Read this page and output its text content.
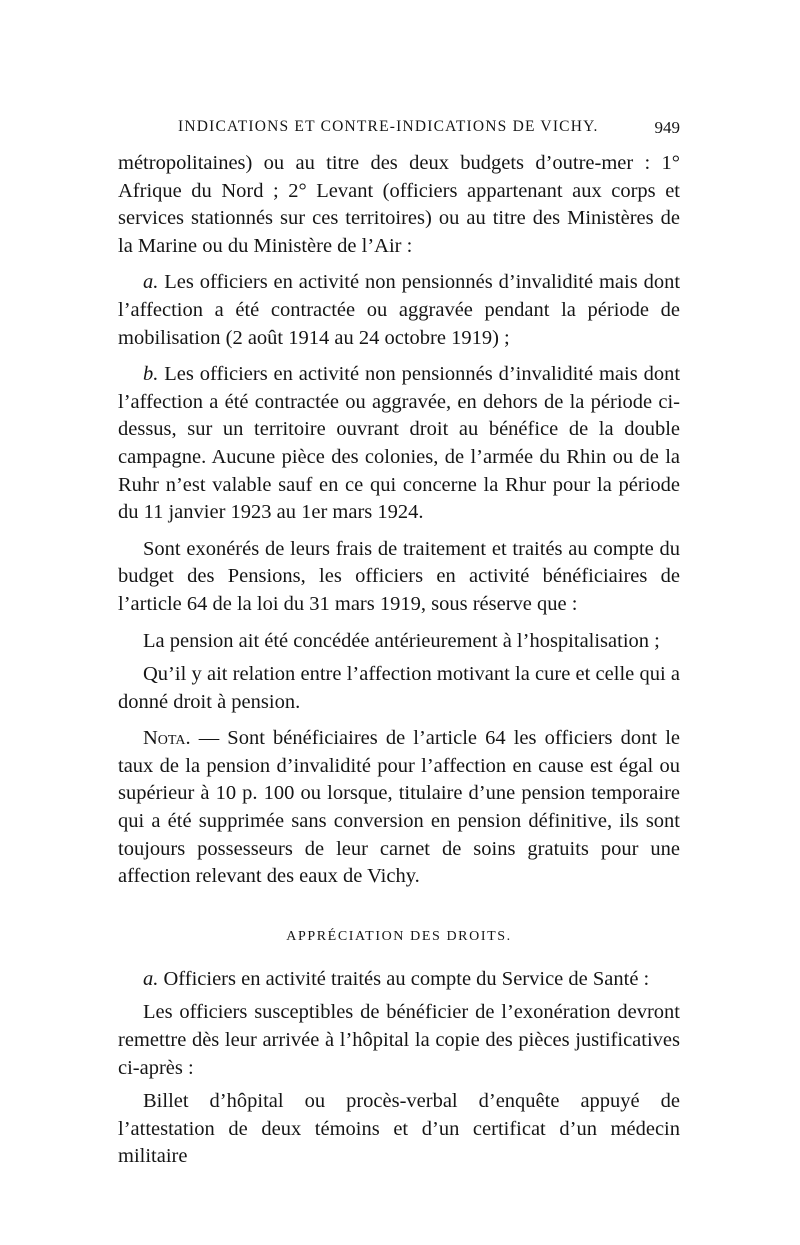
INDICATIONS ET CONTRE-INDICATIONS DE VICHY.	949

métropolitaines) ou au titre des deux budgets d’outre-mer : 1° Afrique du Nord ; 2° Levant (officiers appartenant aux corps et services stationnés sur ces territoires) ou au titre des Ministères de la Marine ou du Ministère de l’Air :

a. Les officiers en activité non pensionnés d’invalidité mais dont l’affection a été contractée ou aggravée pendant la période de mobilisation (2 août 1914 au 24 octobre 1919) ;

b. Les officiers en activité non pensionnés d’invalidité mais dont l’affection a été contractée ou aggravée, en dehors de la période ci-dessus, sur un territoire ouvrant droit au bénéfice de la double campagne. Aucune pièce des colonies, de l’armée du Rhin ou de la Ruhr n’est valable sauf en ce qui concerne la Rhur pour la période du 11 janvier 1923 au 1er mars 1924.

Sont exonérés de leurs frais de traitement et traités au compte du budget des Pensions, les officiers en activité bénéficiaires de l’article 64 de la loi du 31 mars 1919, sous réserve que :

La pension ait été concédée antérieurement à l’hospitalisation ;

Qu’il y ait relation entre l’affection motivant la cure et celle qui a donné droit à pension.

Nota. — Sont bénéficiaires de l’article 64 les officiers dont le taux de la pension d’invalidité pour l’affection en cause est égal ou supérieur à 10 p. 100 ou lorsque, titulaire d’une pension temporaire qui a été supprimée sans conversion en pension définitive, ils sont toujours possesseurs de leur carnet de soins gratuits pour une affection relevant des eaux de Vichy.

APPRÉCIATION DES DROITS.

a. Officiers en activité traités au compte du Service de Santé :

Les officiers susceptibles de bénéficier de l’exonération devront remettre dès leur arrivée à l’hôpital la copie des pièces justificatives ci-après :

Billet d’hôpital ou procès-verbal d’enquête appuyé de l’attestation de deux témoins et d’un certificat d’un médecin militaire
